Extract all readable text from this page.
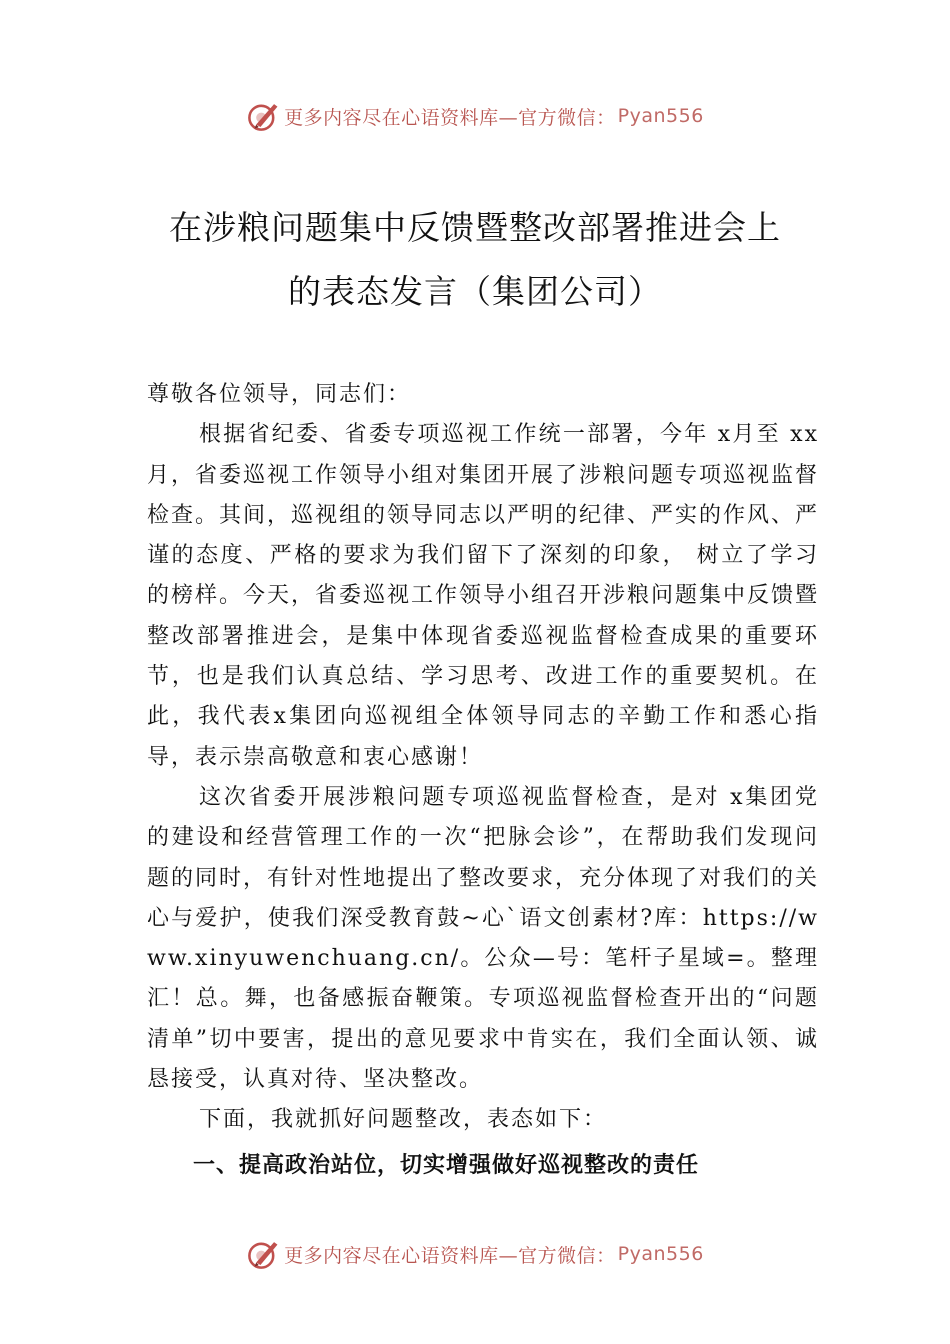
更多内容尽在心语资料库—官方微信： Pyan556
在涉粮问题集中反馈暨整改部署推进会上
的表态发言（集团公司）

尊敬各位领导，同志们：

根据省纪委、省委专项巡视工作统一部署，今年 x月至 xx月，省委巡视工作领导小组对集团开展了涉粮问题专项巡视监督检查。其间，巡视组的领导同志以严明的纪律、严实的作风、严谨的态度、严格的要求为我们留下了深刻的印象， 树立了学习的榜样。今天，省委巡视工作领导小组召开涉粮问题集中反馈暨整改部署推进会，是集中体现省委巡视监督检查成果的重要环节，也是我们认真总结、学习思考、改进工作的重要契机。在此，我代表x集团向巡视组全体领导同志的辛勤工作和悉心指导，表示崇高敬意和衷心感谢！

这次省委开展涉粮问题专项巡视监督检查，是对 x集团党的建设和经营管理工作的一次“把脉会诊”，在帮助我们发现问题的同时，有针对性地提出了整改要求，充分体现了对我们的关心与爱护，使我们深受教育鼓~心`语文创素材?库：https://www.xinyuwenchuang.cn/。公众—号：笔杆子星域=。整理汇！总。舞，也备感振奋鞭策。专项巡视监督检查开出的“问题清单”切中要害，提出的意见要求中肯实在，我们全面认领、诚恳接受，认真对待、坚决整改。

下面，我就抓好问题整改，表态如下：

一、提高政治站位，切实增强做好巡视整改的责任

更多内容尽在心语资料库—官方微信： Pyan556
